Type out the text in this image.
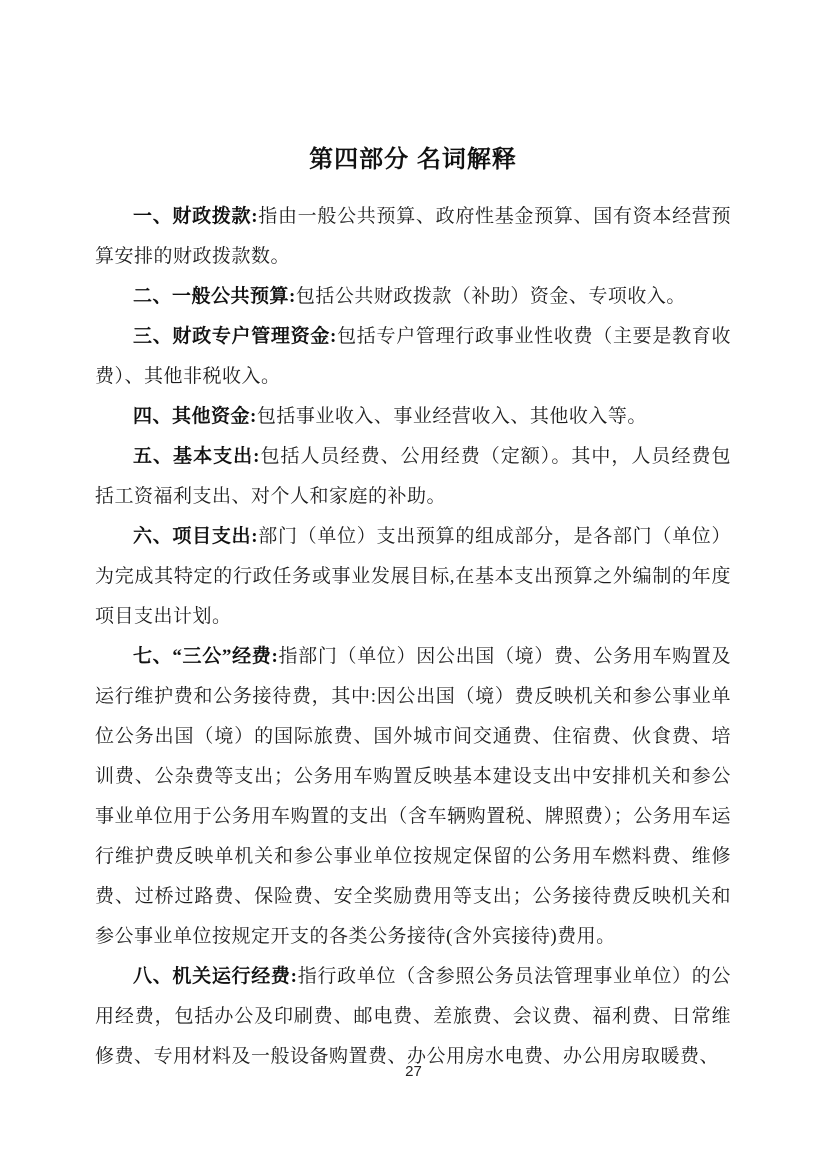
第四部分 名词解释

一、财政拨款:指由一般公共预算、政府性基金预算、国有资本经营预算安排的财政拨款数。

二、一般公共预算:包括公共财政拨款（补助）资金、专项收入。

三、财政专户管理资金:包括专户管理行政事业性收费（主要是教育收费）、其他非税收入。

四、其他资金:包括事业收入、事业经营收入、其他收入等。

五、基本支出:包括人员经费、公用经费（定额）。其中，人员经费包括工资福利支出、对个人和家庭的补助。

六、项目支出:部门（单位）支出预算的组成部分，是各部门（单位）为完成其特定的行政任务或事业发展目标,在基本支出预算之外编制的年度项目支出计划。

七、“三公”经费:指部门（单位）因公出国（境）费、公务用车购置及运行维护费和公务接待费，其中:因公出国（境）费反映机关和参公事业单位公务出国（境）的国际旅费、国外城市间交通费、住宿费、伙食费、培训费、公杂费等支出；公务用车购置反映基本建设支出中安排机关和参公事业单位用于公务用车购置的支出（含车辆购置税、牌照费）；公务用车运行维护费反映单机关和参公事业单位按规定保留的公务用车燃料费、维修费、过桥过路费、保险费、安全奖励费用等支出；公务接待费反映机关和参公事业单位按规定开支的各类公务接待(含外宾接待)费用。

八、机关运行经费:指行政单位（含参照公务员法管理事业单位）的公用经费，包括办公及印刷费、邮电费、差旅费、会议费、福利费、日常维修费、专用材料及一般设备购置费、办公用房水电费、办公用房取暖费、

27
